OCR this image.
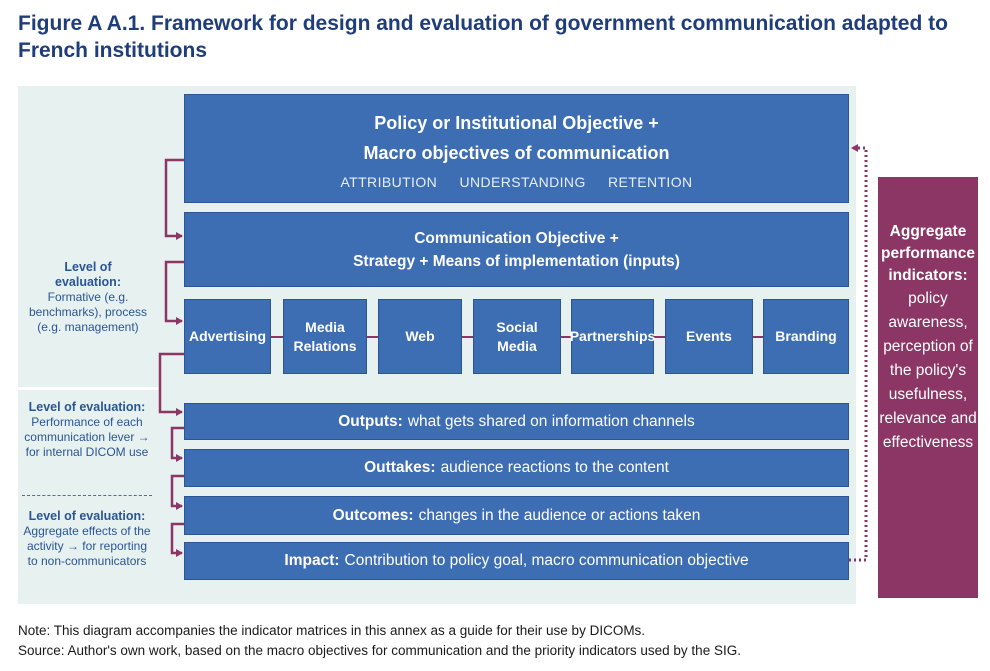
Figure A A.1. Framework for design and evaluation of government communication adapted to French institutions
Policy or Institutional Objective +
Macro objectives of communication
ATTRIBUTION UNDERSTANDING RETENTION
Communication Objective +
Strategy + Means of implementation (inputs)
Advertising
Media Relations
Web
Social Media
Partnerships Events	Branding
Outputs: what gets shared on information channels
Outtakes: audience reactions to the content
Outcomes: changes in the audience or actions taken
Impact: Contribution to policy goal, macro communication objective
Level of evaluation:
Formative (e.g. benchmarks), process (e.g. management)
Level of evaluation:
Performance of each communication lever → for internal DICOM use
Level of evaluation:
Aggregate effects of the activity → for reporting to non-communicators
Aggregate performance indicators:
policy awareness, perception of the policy's usefulness, relevance and effectiveness
Note: This diagram accompanies the indicator matrices in this annex as a guide for their use by DICOMs.
Source: Author's own work, based on the macro objectives for communication and the priority indicators used by the SIG.
